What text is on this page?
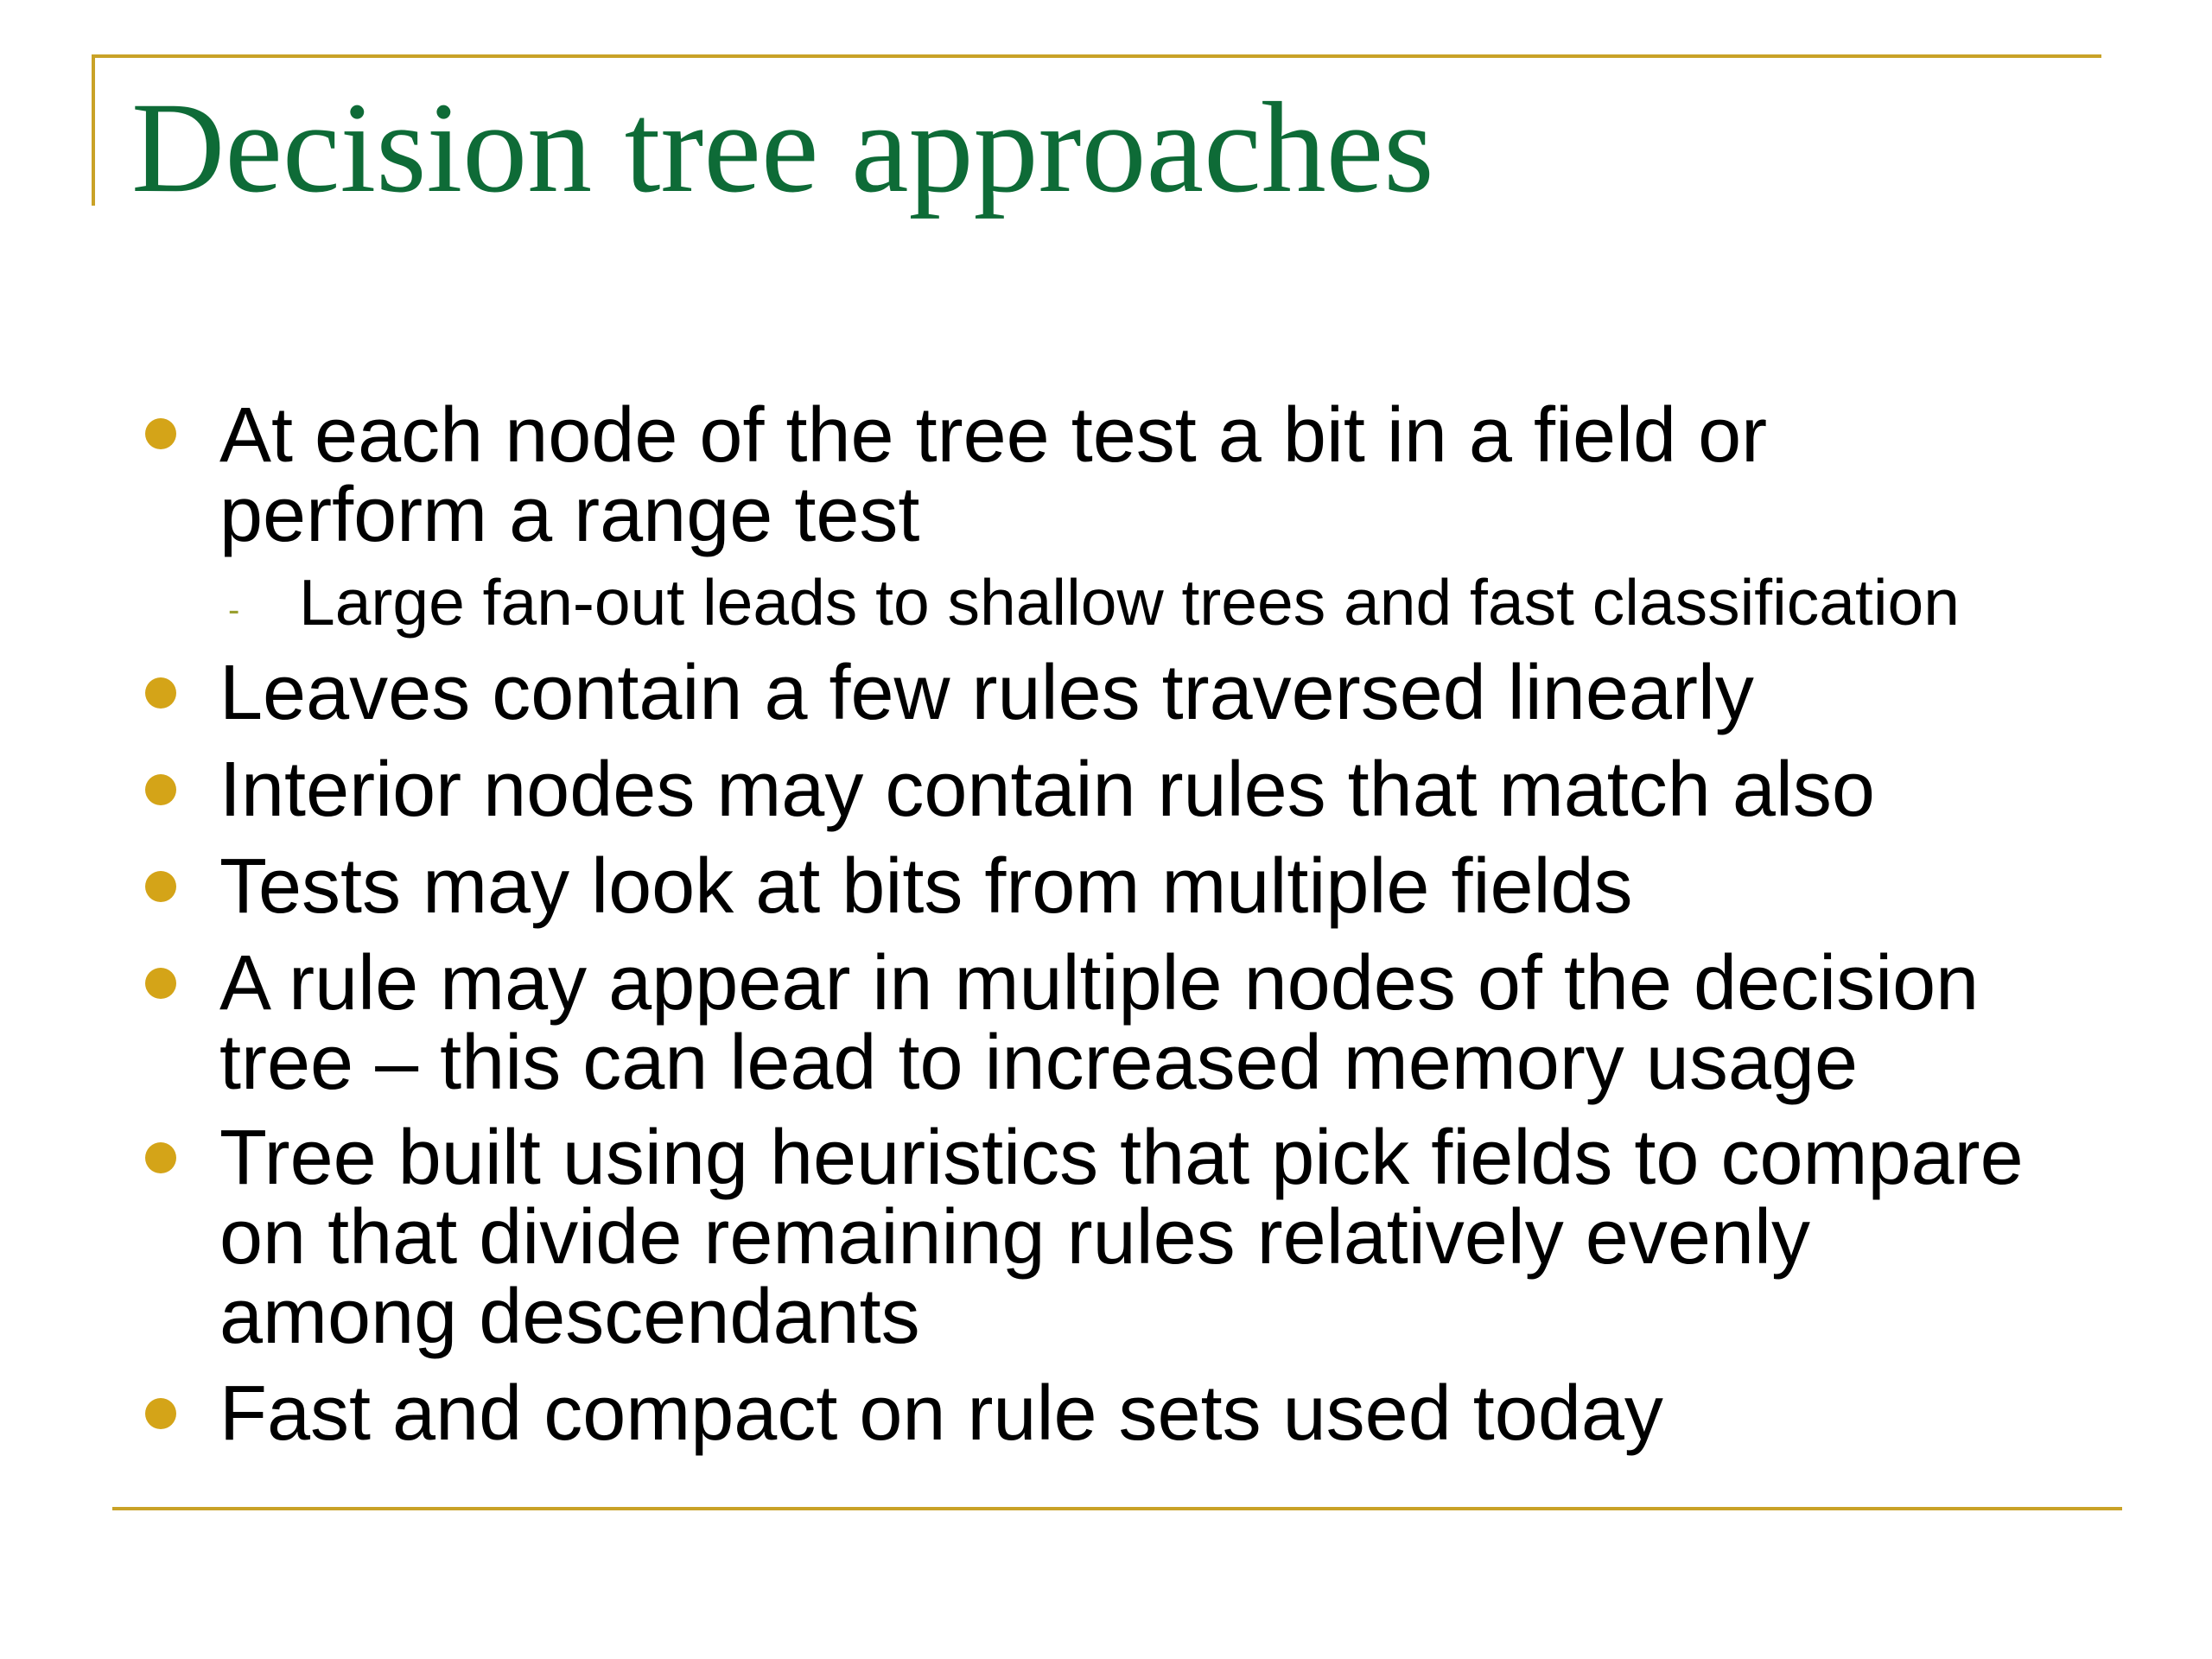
Decision tree approaches
At each node of the tree test a bit in a field or
perform a range test
- Large fan-out leads to shallow trees and fast classification
Leaves contain a few rules traversed linearly
Interior nodes may contain rules that match also
Tests may look at bits from multiple fields
A rule may appear in multiple nodes of the decision
tree – this can lead to increased memory usage
Tree built using heuristics that pick fields to compare
on that divide remaining rules relatively evenly
among descendants
Fast and compact on rule sets used today
